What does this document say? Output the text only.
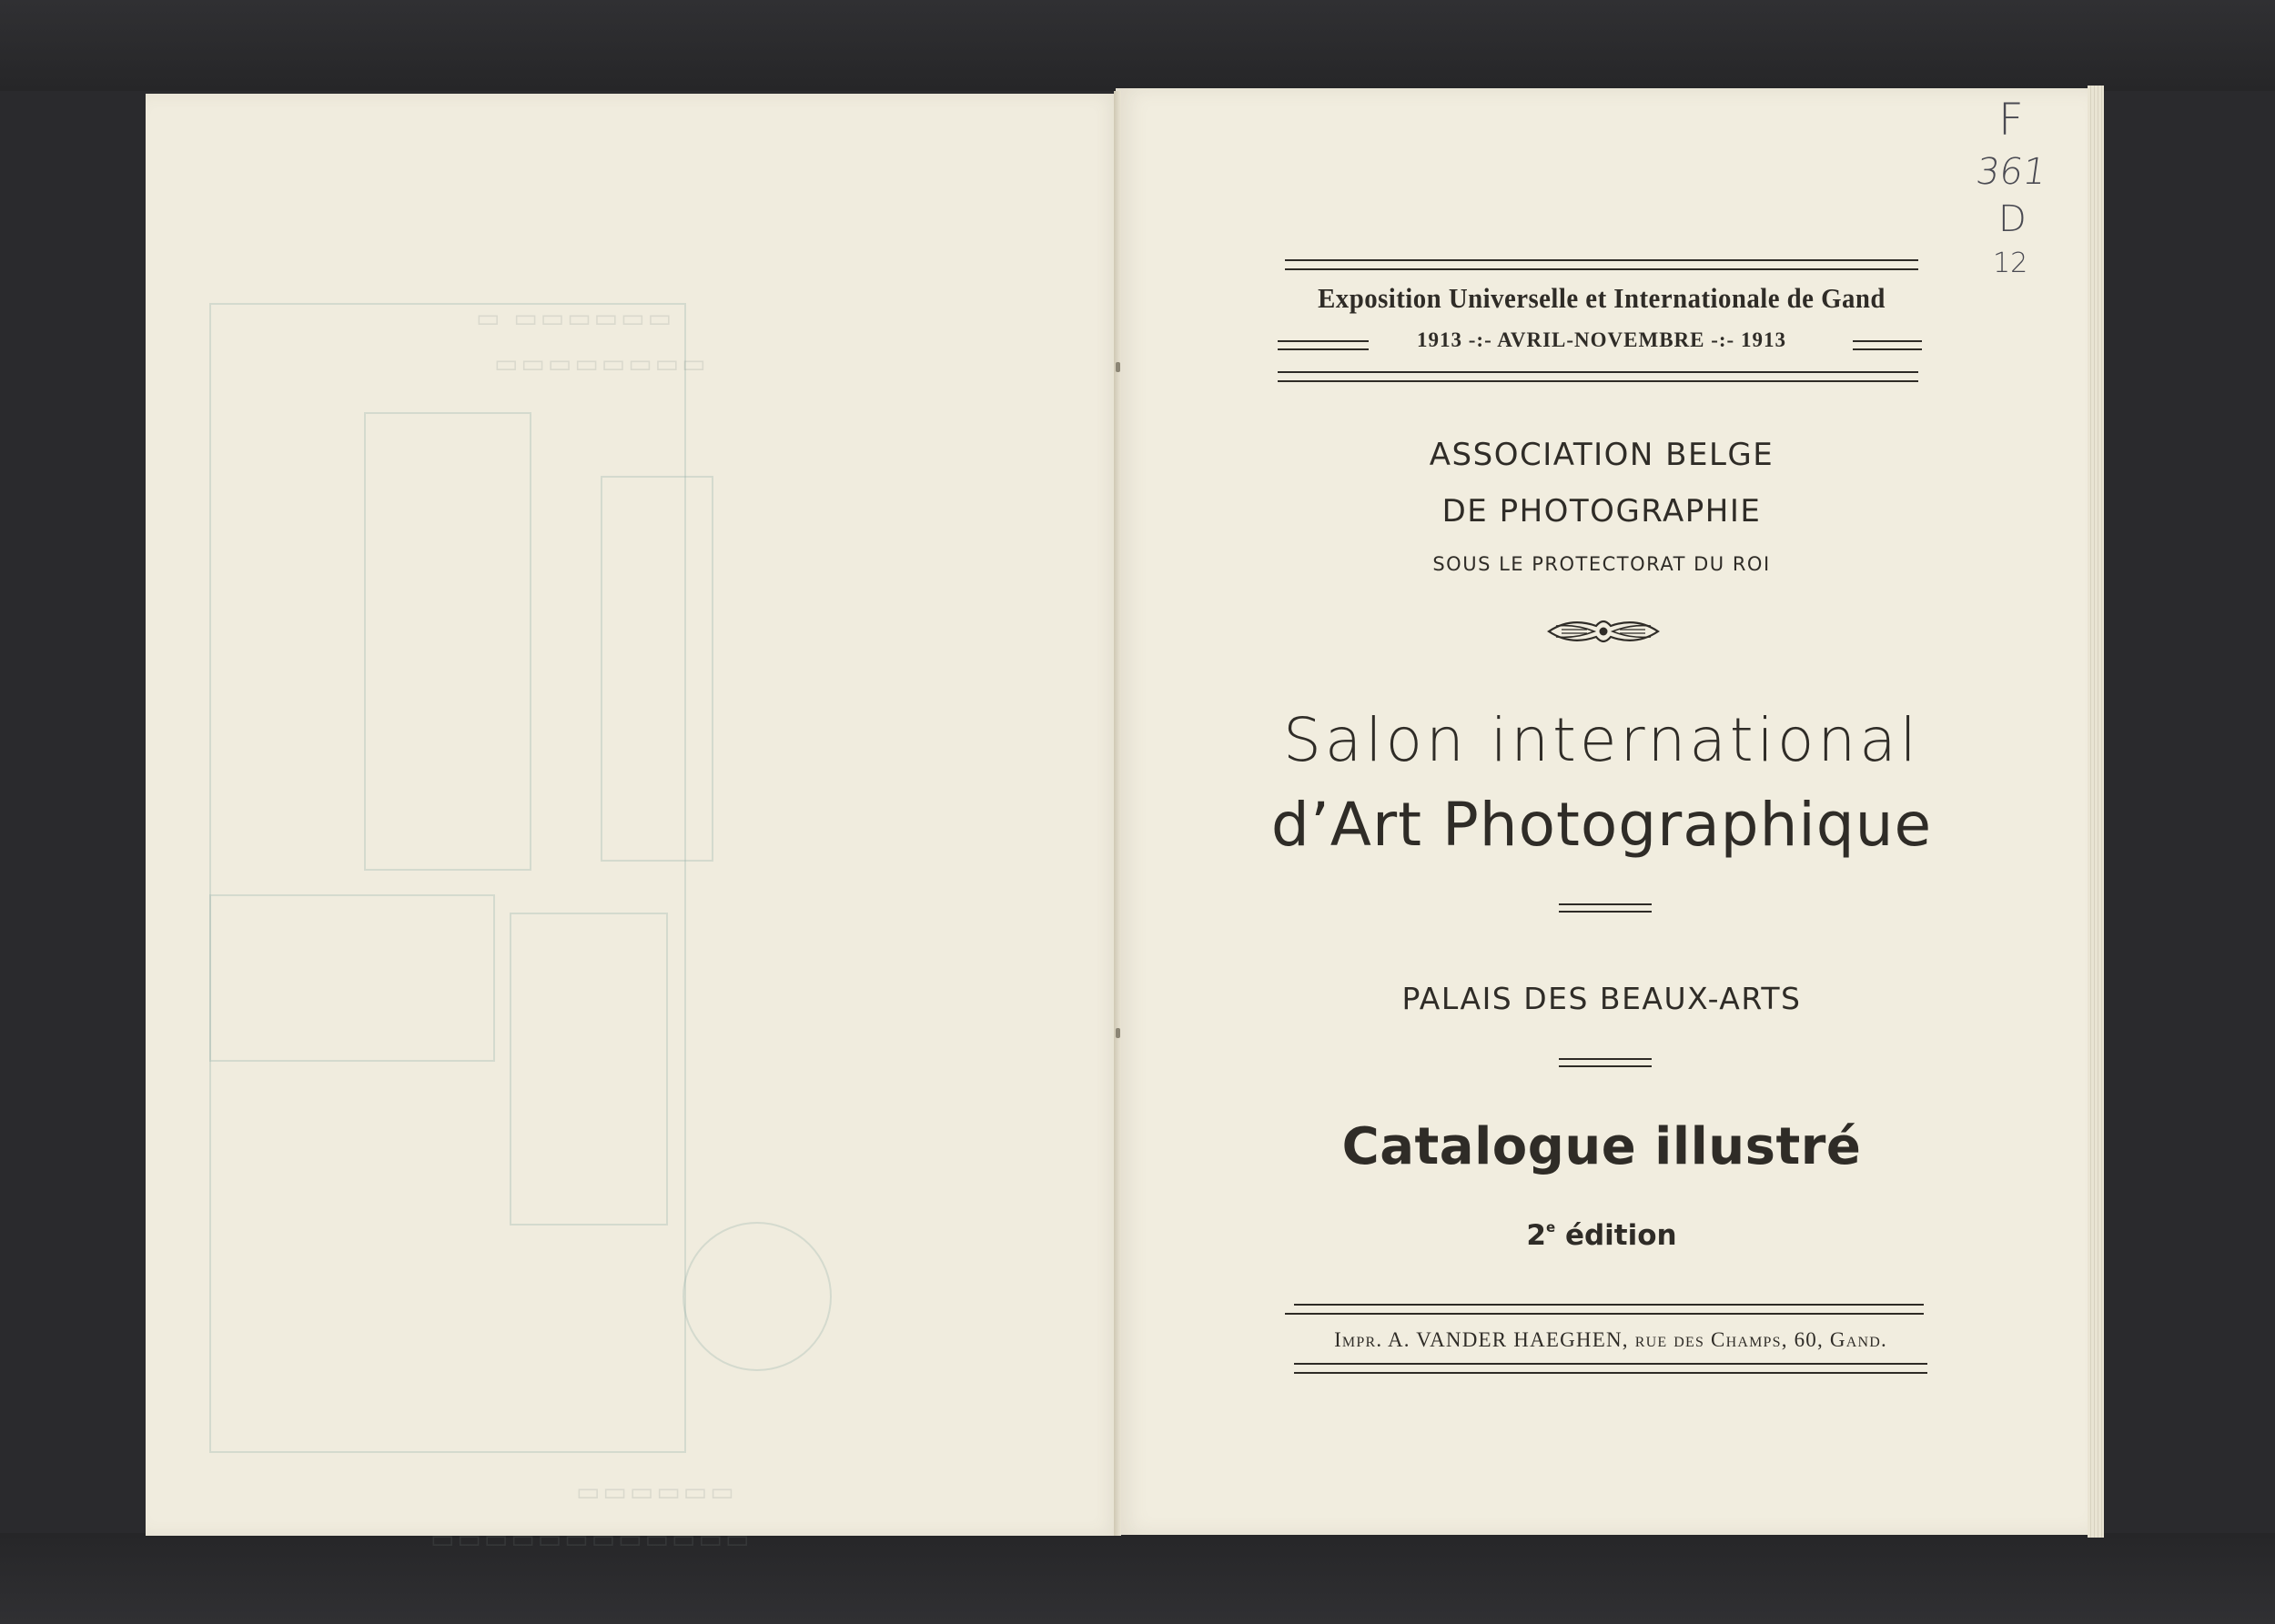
▭▭▭▭▭▭ ▭
▭▭▭▭▭▭▭▭
▭▭▭▭▭▭
▭▭▭▭▭▭▭▭▭▭▭▭
F
361
D
12
Exposition Universelle et Internationale de Gand
1913 -:- AVRIL-NOVEMBRE -:- 1913
ASSOCIATION BELGE
DE PHOTOGRAPHIE
SOUS LE PROTECTORAT DU ROI
Salon international
d’Art Photographique
PALAIS DES BEAUX-ARTS
Catalogue illustré
2e édition
Impr. A. VANDER HAEGHEN, rue des Champs, 60, Gand.
